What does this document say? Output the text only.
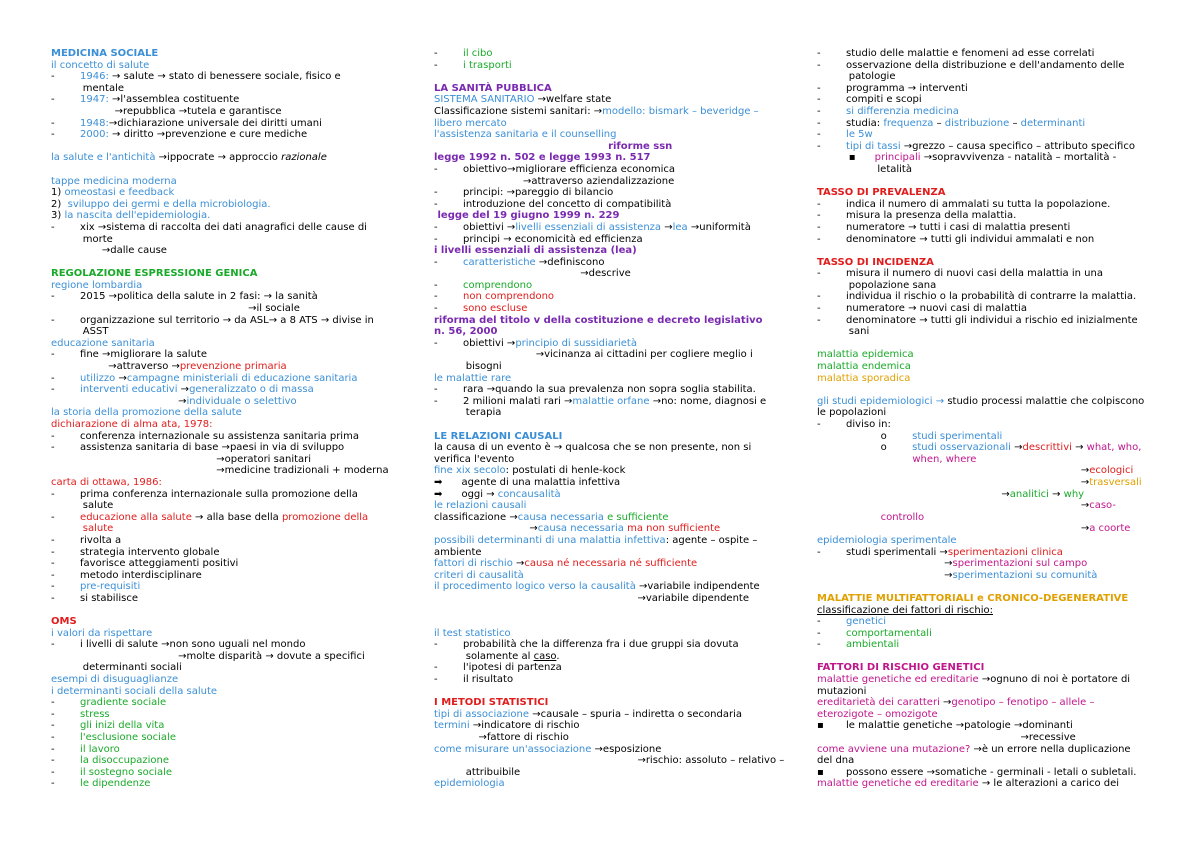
MEDICINA SOCIALE
il concetto di salute
-        1946: → salute → stato di benessere sociale, fisico e
mentale
-        1947: →l'assemblea costituente
→repubblica →tutela e garantisce
-        1948:→dichiarazione universale dei diritti umani
-        2000: → diritto →prevenzione e cure mediche
la salute e l'antichità →ippocrate → approccio razionale
tappe medicina moderna
1) omeostasi e feedback
2)  sviluppo dei germi e della microbiologia.
3) la nascita dell'epidemiologia.
-        xix →sistema di raccolta dei dati anagrafici delle cause di
morte
→dalle cause
REGOLAZIONE ESPRESSIONE GENICA
regione lombardia
-        2015 →politica della salute in 2 fasi: → la sanità
→il sociale
-        organizzazione sul territorio → da ASL→ a 8 ATS → divise in
ASST
educazione sanitaria
-        fine →migliorare la salute
→attraverso →prevenzione primaria
-        utilizzo →campagne ministeriali di educazione sanitaria
-        interventi educativi →generalizzato o di massa
→individuale o selettivo
la storia della promozione della salute
dichiarazione di alma ata, 1978:
-        conferenza internazionale su assistenza sanitaria prima
-        assistenza sanitaria di base →paesi in via di sviluppo
→operatori sanitari
→medicine tradizionali + moderna
carta di ottawa, 1986:
-        prima conferenza internazionale sulla promozione della
salute
-        educazione alla salute → alla base della promozione della
salute
-        rivolta a
-        strategia intervento globale
-        favorisce atteggiamenti positivi
-        metodo interdisciplinare
-        pre-requisiti
-        si stabilisce
OMS
i valori da rispettare
-        i livelli di salute →non sono uguali nel mondo
→molte disparità → dovute a specifici
determinanti sociali
esempi di disuguaglianze
i determinanti sociali della salute
-        gradiente sociale
-        stress
-        gli inizi della vita
-        l'esclusione sociale
-        il lavoro
-        la disoccupazione
-        il sostegno sociale
-        le dipendenze
-        il cibo
-        i trasporti
LA SANITÀ PUBBLICA
SISTEMA SANITARIO →welfare state
Classificazione sistemi sanitari: →modello: bismark – beveridge –
libero mercato
l'assistenza sanitaria e il counselling
riforme ssn
legge 1992 n. 502 e legge 1993 n. 517
-        obiettivo→migliorare efficienza economica
→attraverso aziendalizzazione
-        principi: →pareggio di bilancio
-        introduzione del concetto di compatibilità
legge del 19 giugno 1999 n. 229
-        obiettivi →livelli essenziali di assistenza →lea →uniformità
-        principi → economicità ed efficienza
i livelli essenziali di assistenza (lea)
-        caratteristiche →definiscono
→descrive
-        comprendono
-        non comprendono
-        sono escluse
riforma del titolo v della costituzione e decreto legislativo
n. 56, 2000
-        obiettivi →principio di sussidiarietà
→vicinanza ai cittadini per cogliere meglio i
bisogni
le malattie rare
-        rara →quando la sua prevalenza non sopra soglia stabilita.
-        2 milioni malati rari →malattie orfane →no: nome, diagnosi e
terapia
LE RELAZIONI CAUSALI
la causa di un evento è → qualcosa che se non presente, non si
verifica l'evento
fine xix secolo: postulati di henle-kock
➡      agente di una malattia infettiva
➡      oggi → concausalità
le relazioni causali
classificazione →causa necessaria e sufficiente
→causa necessaria ma non sufficiente
possibili determinanti di una malattia infettiva: agente – ospite –
ambiente
fattori di rischio →causa né necessaria né sufficiente
criteri di causalità
il procedimento logico verso la causalità →variabile indipendente
→variabile dipendente
il test statistico
-        probabilità che la differenza fra i due gruppi sia dovuta
solamente al caso.
-        l'ipotesi di partenza
-        il risultato
I METODI STATISTICI
tipi di associazione →causale – spuria – indiretta o secondaria
termini →indicatore di rischio
→fattore di rischio
come misurare un'associazione →esposizione
→rischio: assoluto – relativo –
attribuibile
epidemiologia
-        studio delle malattie e fenomeni ad esse correlati
-        osservazione della distribuzione e dell'andamento delle
patologie
-        programma → interventi
-        compiti e scopi
-        si differenzia medicina
-        studia: frequenza – distribuzione – determinanti
-        le 5w
-        tipi di tassi →grezzo – causa specifico – attributo specifico
▪      principali →sopravvivenza - natalità – mortalità -
letalità
TASSO DI PREVALENZA
-        indica il numero di ammalati su tutta la popolazione.
-        misura la presenza della malattia.
-        numeratore → tutti i casi di malattia presenti
-        denominatore → tutti gli individui ammalati e non
TASSO DI INCIDENZA
-        misura il numero di nuovi casi della malattia in una
popolazione sana
-        individua il rischio o la probabilità di contrarre la malattia.
-        numeratore → nuovi casi di malattia
-        denominatore → tutti gli individui a rischio ed inizialmente
sani
malattia epidemica
malattia endemica
malattia sporadica
gli studi epidemiologici → studio processi malattie che colpiscono
le popolazioni
-        diviso in:
o        studi sperimentali
o        studi osservazionali →descrittivi → what, who,
when, where
→ecologici
→trasversali
→analitici → why
→caso-
controllo
→a coorte
epidemiologia sperimentale
-        studi sperimentali →sperimentazioni clinica
→sperimentazioni sul campo
→sperimentazioni su comunità
MALATTIE MULTIFATTORIALI e CRONICO-DEGENERATIVE
classificazione dei fattori di rischio:
-        genetici
-        comportamentali
-        ambientali
FATTORI DI RISCHIO GENETICI
malattie genetiche ed ereditarie →ognuno di noi è portatore di
mutazioni
ereditarietà dei caratteri →genotipo – fenotipo – allele –
eterozigote – omozigote
▪       le malattie genetiche →patologie →dominanti
→recessive
come avviene una mutazione? →è un errore nella duplicazione
del dna
▪       possono essere →somatiche - germinali - letali o subletali.
malattie genetiche ed ereditarie → le alterazioni a carico dei
